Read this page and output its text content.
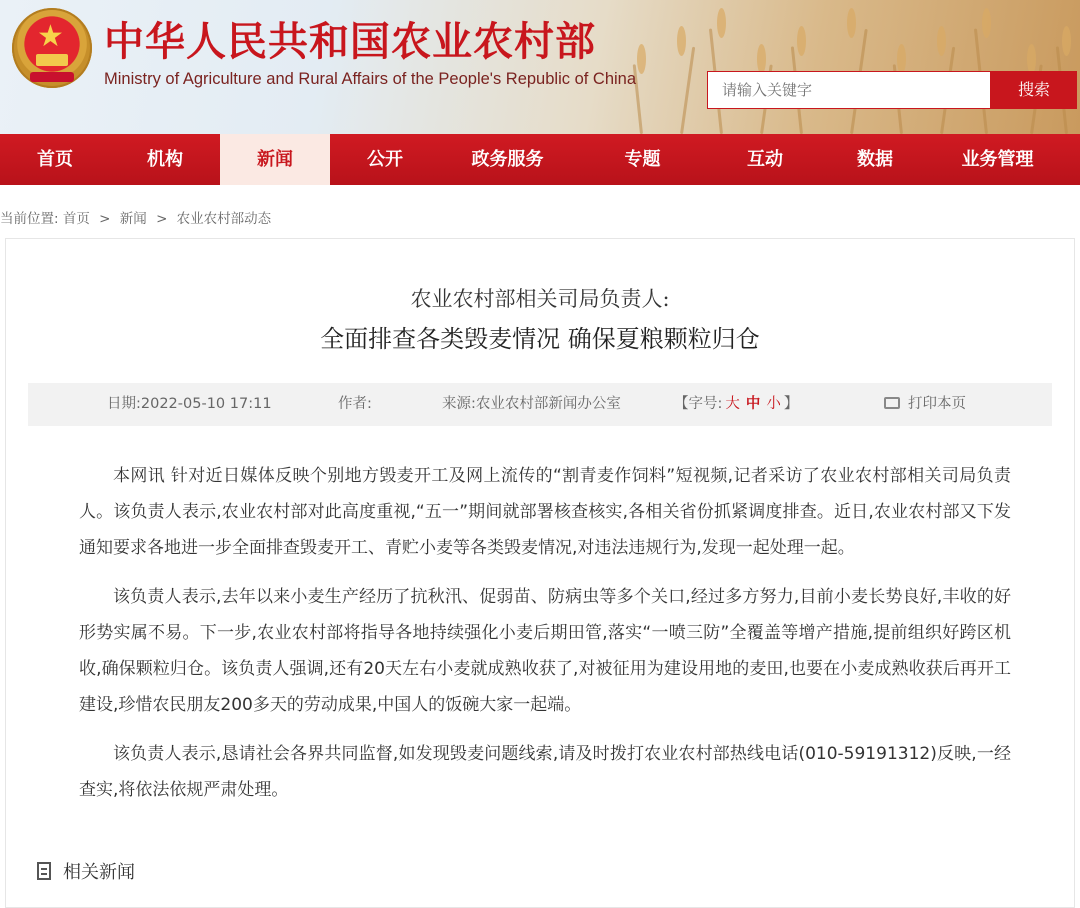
★ 中华人民共和国农业农村部
Ministry of Agriculture and Rural Affairs of the People's Republic of China
请输入关键字
搜索
首页	机构	新闻	公开	政务服务	专题	互动	数据	业务管理
当前位置: 首页 > 新闻 > 农业农村部动态
农业农村部相关司局负责人:
全面排查各类毁麦情况 确保夏粮颗粒归仓
日期:2022-05-10 17:11	作者:	来源:农业农村部新闻办公室	【字号: 大 中 小 】	打印本页

本网讯 针对近日媒体反映个别地方毁麦开工及网上流传的“割青麦作饲料”短视频,记者采访了农业农村部相关司局负责人。该负责人表示,农业农村部对此高度重视,“五一”期间就部署核查核实,各相关省份抓紧调度排查。近日,农业农村部又下发通知要求各地进一步全面排查毁麦开工、青贮小麦等各类毁麦情况,对违法违规行为,发现一起处理一起。

该负责人表示,去年以来小麦生产经历了抗秋汛、促弱苗、防病虫等多个关口,经过多方努力,目前小麦长势良好,丰收的好形势实属不易。下一步,农业农村部将指导各地持续强化小麦后期田管,落实“一喷三防”全覆盖等增产措施,提前组织好跨区机收,确保颗粒归仓。该负责人强调,还有20天左右小麦就成熟收获了,对被征用为建设用地的麦田,也要在小麦成熟收获后再开工建设,珍惜农民朋友200多天的劳动成果,中国人的饭碗大家一起端。

该负责人表示,恳请社会各界共同监督,如发现毁麦问题线索,请及时拨打农业农村部热线电话(010-59191312)反映,一经查实,将依法依规严肃处理。

相关新闻
